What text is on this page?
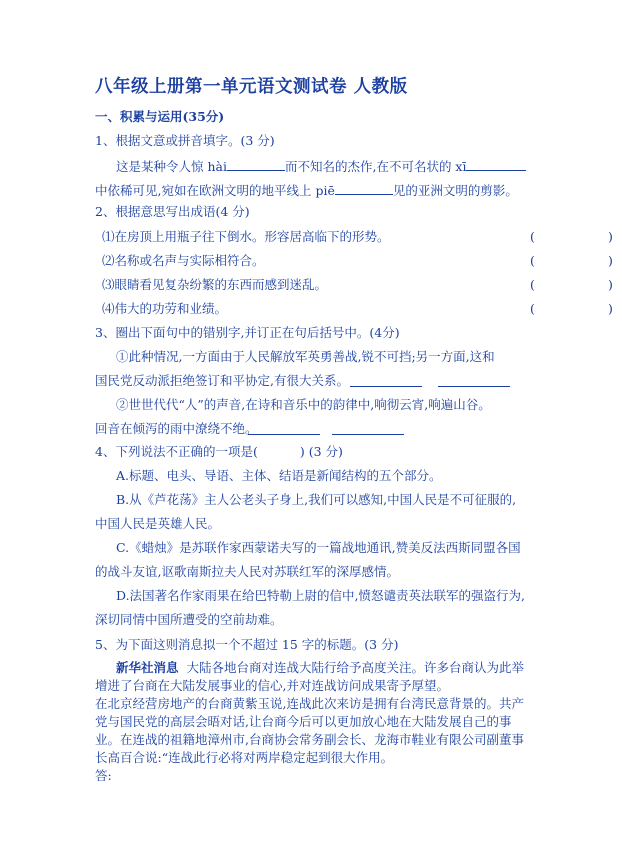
八年级上册第一单元语文测试卷 人教版
一、积累与运用(35分)
1、根据文意或拼音填字。(3 分)
这是某种令人惊 hài	而不知名的杰作,在不可名状的 xī
中依稀可见,宛如在欧洲文明的地平线上 piē	见的亚洲文明的剪影。
2、根据意思写出成语(4 分)
⑴在房顶上用瓶子往下倒水。形容居高临下的形势。	(	)
⑵名称或名声与实际相符合。	(	)
⑶眼睛看见复杂纷繁的东西而感到迷乱。	(	)
⑷伟大的功劳和业绩。	(	)
3、圈出下面句中的错别字,并订正在句后括号中。(4分)
①此种情况,一方面由于人民解放军英勇善战,锐不可挡;另一方面,这和
国民党反动派拒绝签订和平协定,有很大关系。
②世世代代“人”的声音,在诗和音乐中的韵律中,响彻云宵,响遍山谷。
回音在倾泻的雨中潦绕不绝。
4、下列说法不正确的一项是(	) (3 分)
A.标题、电头、导语、主体、结语是新闻结构的五个部分。
B.从《芦花荡》主人公老头子身上,我们可以感知,中国人民是不可征服的,
中国人民是英雄人民。
C.《蜡烛》是苏联作家西蒙诺夫写的一篇战地通讯,赞美反法西斯同盟各国
的战斗友谊,讴歌南斯拉夫人民对苏联红军的深厚感情。
D.法国著名作家雨果在给巴特勒上尉的信中,愤怒谴责英法联军的强盗行为,
深切同情中国所遭受的空前劫难。
5、为下面这则消息拟一个不超过 15 字的标题。(3 分)
新华社消息 大陆各地台商对连战大陆行给予高度关注。许多台商认为此举
增进了台商在大陆发展事业的信心,并对连战访问成果寄予厚望。
在北京经营房地产的台商黄紫玉说,连战此次来访是拥有台湾民意背景的。共产
党与国民党的高层会晤对话,让台商今后可以更加放心地在大陆发展自己的事
业。在连战的祖籍地漳州市,台商协会常务副会长、龙海市鞋业有限公司副董事
长高百合说:“连战此行必将对两岸稳定起到很大作用。
答:
